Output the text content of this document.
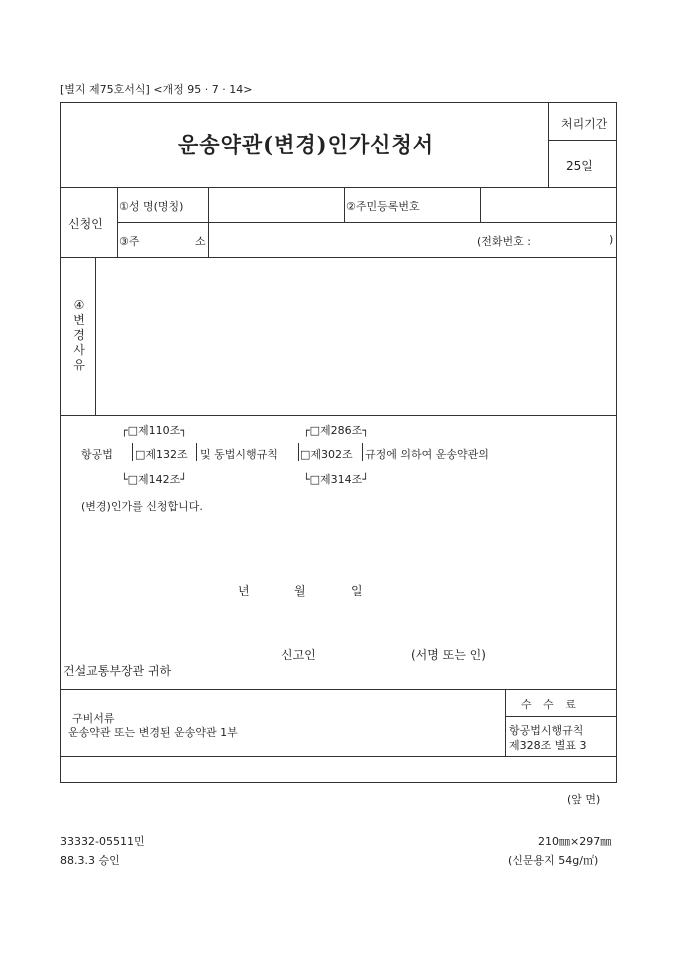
[별지 제75호서식] <개정 95 · 7 · 14>
운송약관(변경)인가신청서
처리기간
25일
신청인
①성 명(명칭)	②주민등록번호
③주	소	(전화번호 :	)
④
변
경
사
유
┌□제110조┐
항공법 □제132조 및 동법시행규칙
└□제142조┘
┌□제286조┐
□제302조 규정에 의하여 운송약관의
└□제314조┘
(변경)인가를 신청합니다.
년	월	일
신고인	(서명 또는 인)
건설교통부장관 귀하
수 수 료
항공법시행규칙
제328조 별표 3
구비서류
운송약관 또는 변경된 운송약관 1부
(앞 면)
33332-05511민
88.3.3 승인
210㎜×297㎜
(신문용지 54g/㎡)
